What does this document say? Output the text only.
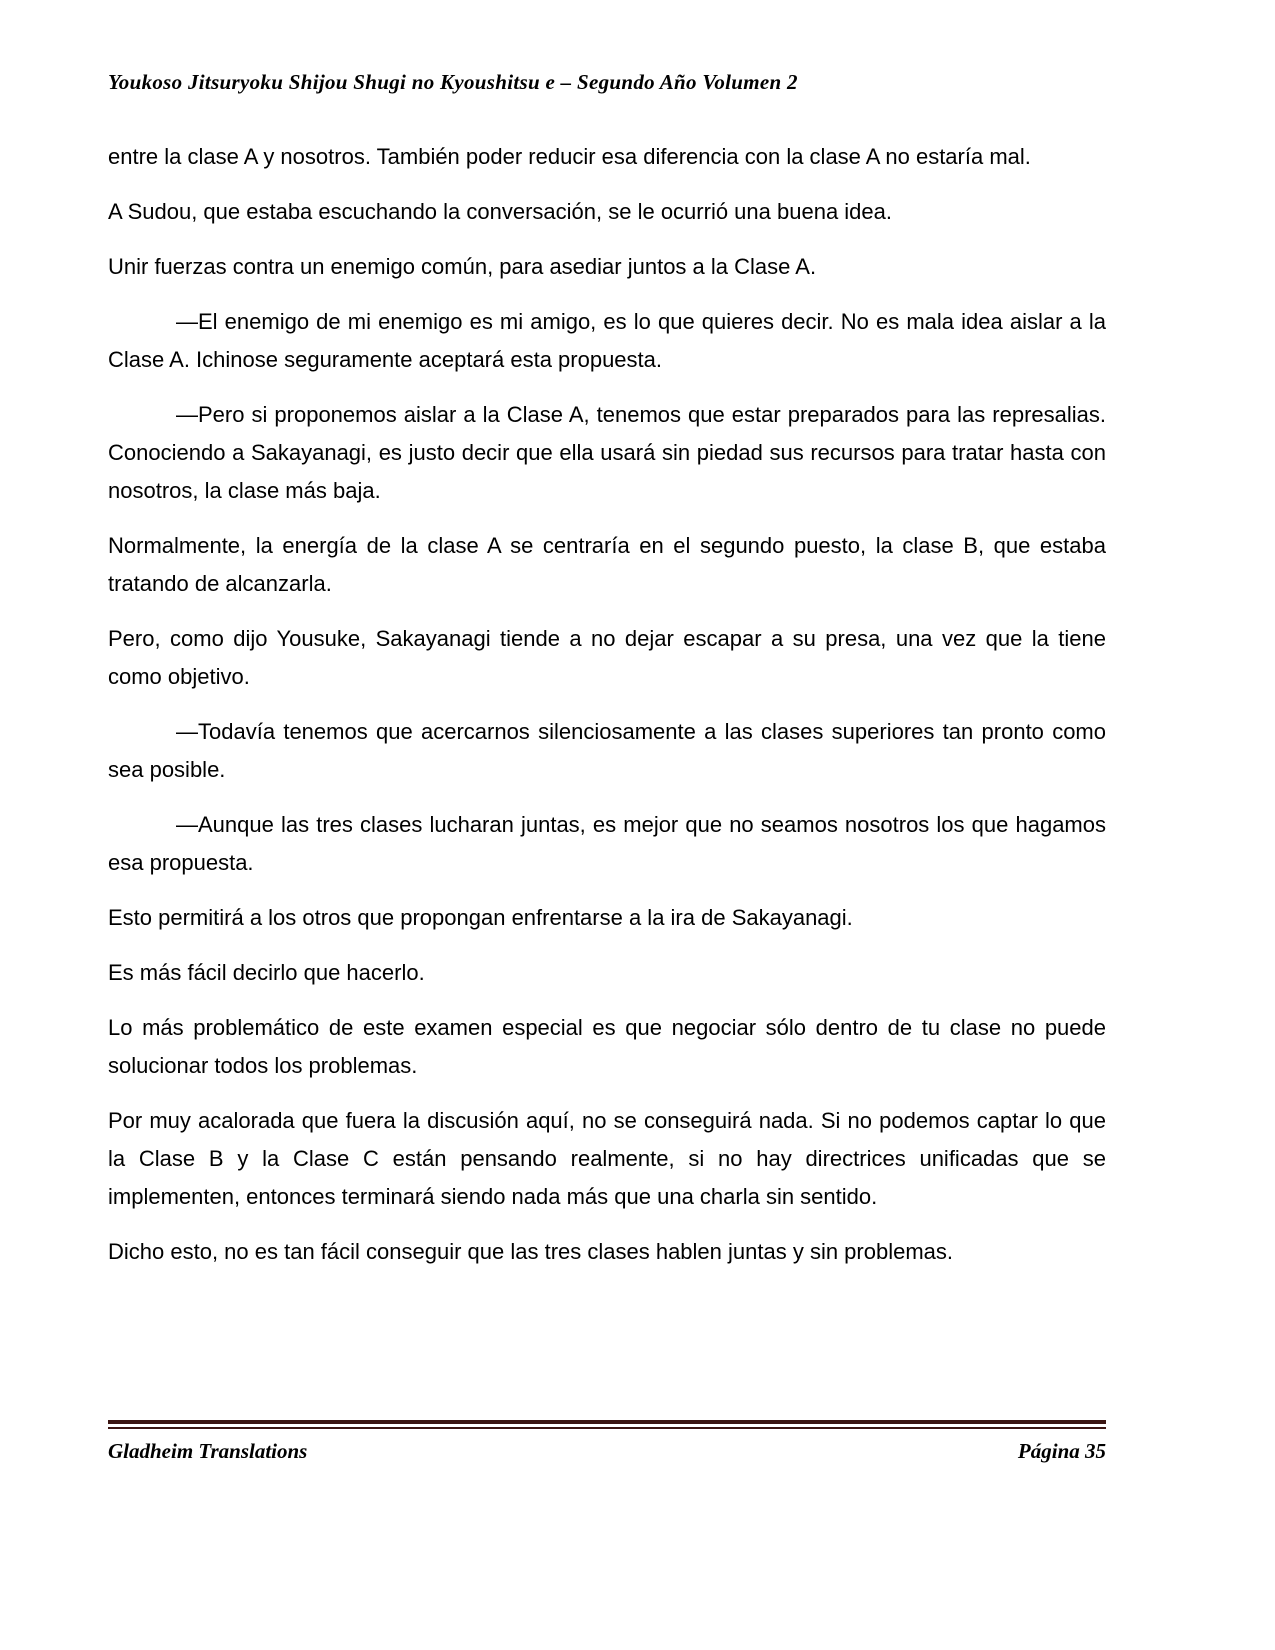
Youkoso Jitsuryoku Shijou Shugi no Kyoushitsu e – Segundo Año Volumen 2

entre la clase A y nosotros. También poder reducir esa diferencia con la clase A no estaría mal.

A Sudou, que estaba escuchando la conversación, se le ocurrió una buena idea.

Unir fuerzas contra un enemigo común, para asediar juntos a la Clase A.

—El enemigo de mi enemigo es mi amigo, es lo que quieres decir. No es mala idea aislar a la Clase A. Ichinose seguramente aceptará esta propuesta.

—Pero si proponemos aislar a la Clase A, tenemos que estar preparados para las represalias. Conociendo a Sakayanagi, es justo decir que ella usará sin piedad sus recursos para tratar hasta con nosotros, la clase más baja.

Normalmente, la energía de la clase A se centraría en el segundo puesto, la clase B, que estaba tratando de alcanzarla.

Pero, como dijo Yousuke, Sakayanagi tiende a no dejar escapar a su presa, una vez que la tiene como objetivo.

—Todavía tenemos que acercarnos silenciosamente a las clases superiores tan pronto como sea posible.

—Aunque las tres clases lucharan juntas, es mejor que no seamos nosotros los que hagamos esa propuesta.

Esto permitirá a los otros que propongan enfrentarse a la ira de Sakayanagi.

Es más fácil decirlo que hacerlo.

Lo más problemático de este examen especial es que negociar sólo dentro de tu clase no puede solucionar todos los problemas.

Por muy acalorada que fuera la discusión aquí, no se conseguirá nada. Si no podemos captar lo que la Clase B y la Clase C están pensando realmente, si no hay directrices unificadas que se implementen, entonces terminará siendo nada más que una charla sin sentido.

Dicho esto, no es tan fácil conseguir que las tres clases hablen juntas y sin problemas.

Gladheim Translations	Página 35
